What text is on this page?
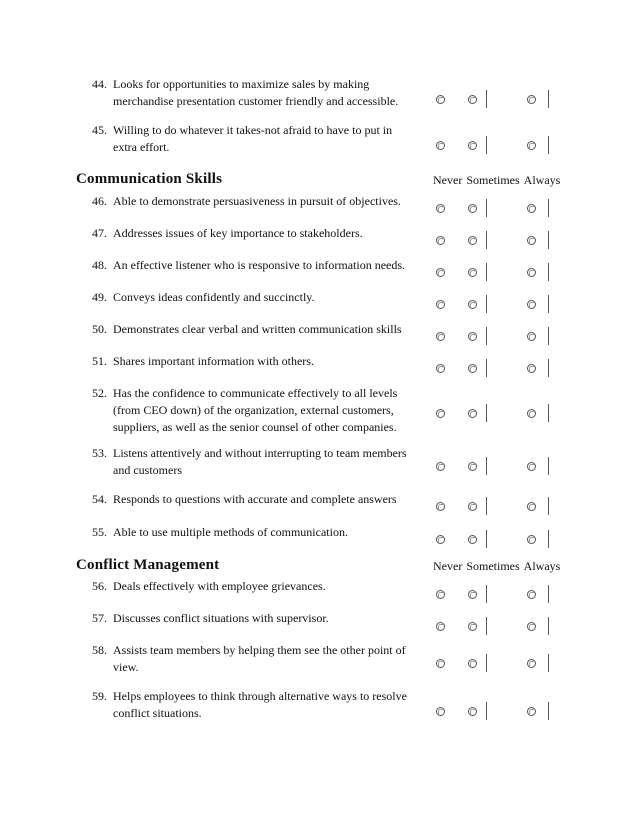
44. Looks for opportunities to maximize sales by making
merchandise presentation customer friendly and accessible.
45. Willing to do whatever it takes-not afraid to have to put in
extra effort.
Communication Skills	Never Sometimes Always
46. Able to demonstrate persuasiveness in pursuit of objectives.
47. Addresses issues of key importance to stakeholders.
48. An effective listener who is responsive to information needs.
49. Conveys ideas confidently and succinctly.
50. Demonstrates clear verbal and written communication skills
51. Shares important information with others.
52. Has the confidence to communicate effectively to all levels
(from CEO down) of the organization, external customers,
suppliers, as well as the senior counsel of other companies.
53. Listens attentively and without interrupting to team members
and customers
54. Responds to questions with accurate and complete answers
55. Able to use multiple methods of communication.
Conflict Management	Never Sometimes Always
56. Deals effectively with employee grievances.
57. Discusses conflict situations with supervisor.
58. Assists team members by helping them see the other point of
view.
59. Helps employees to think through alternative ways to resolve
conflict situations.
